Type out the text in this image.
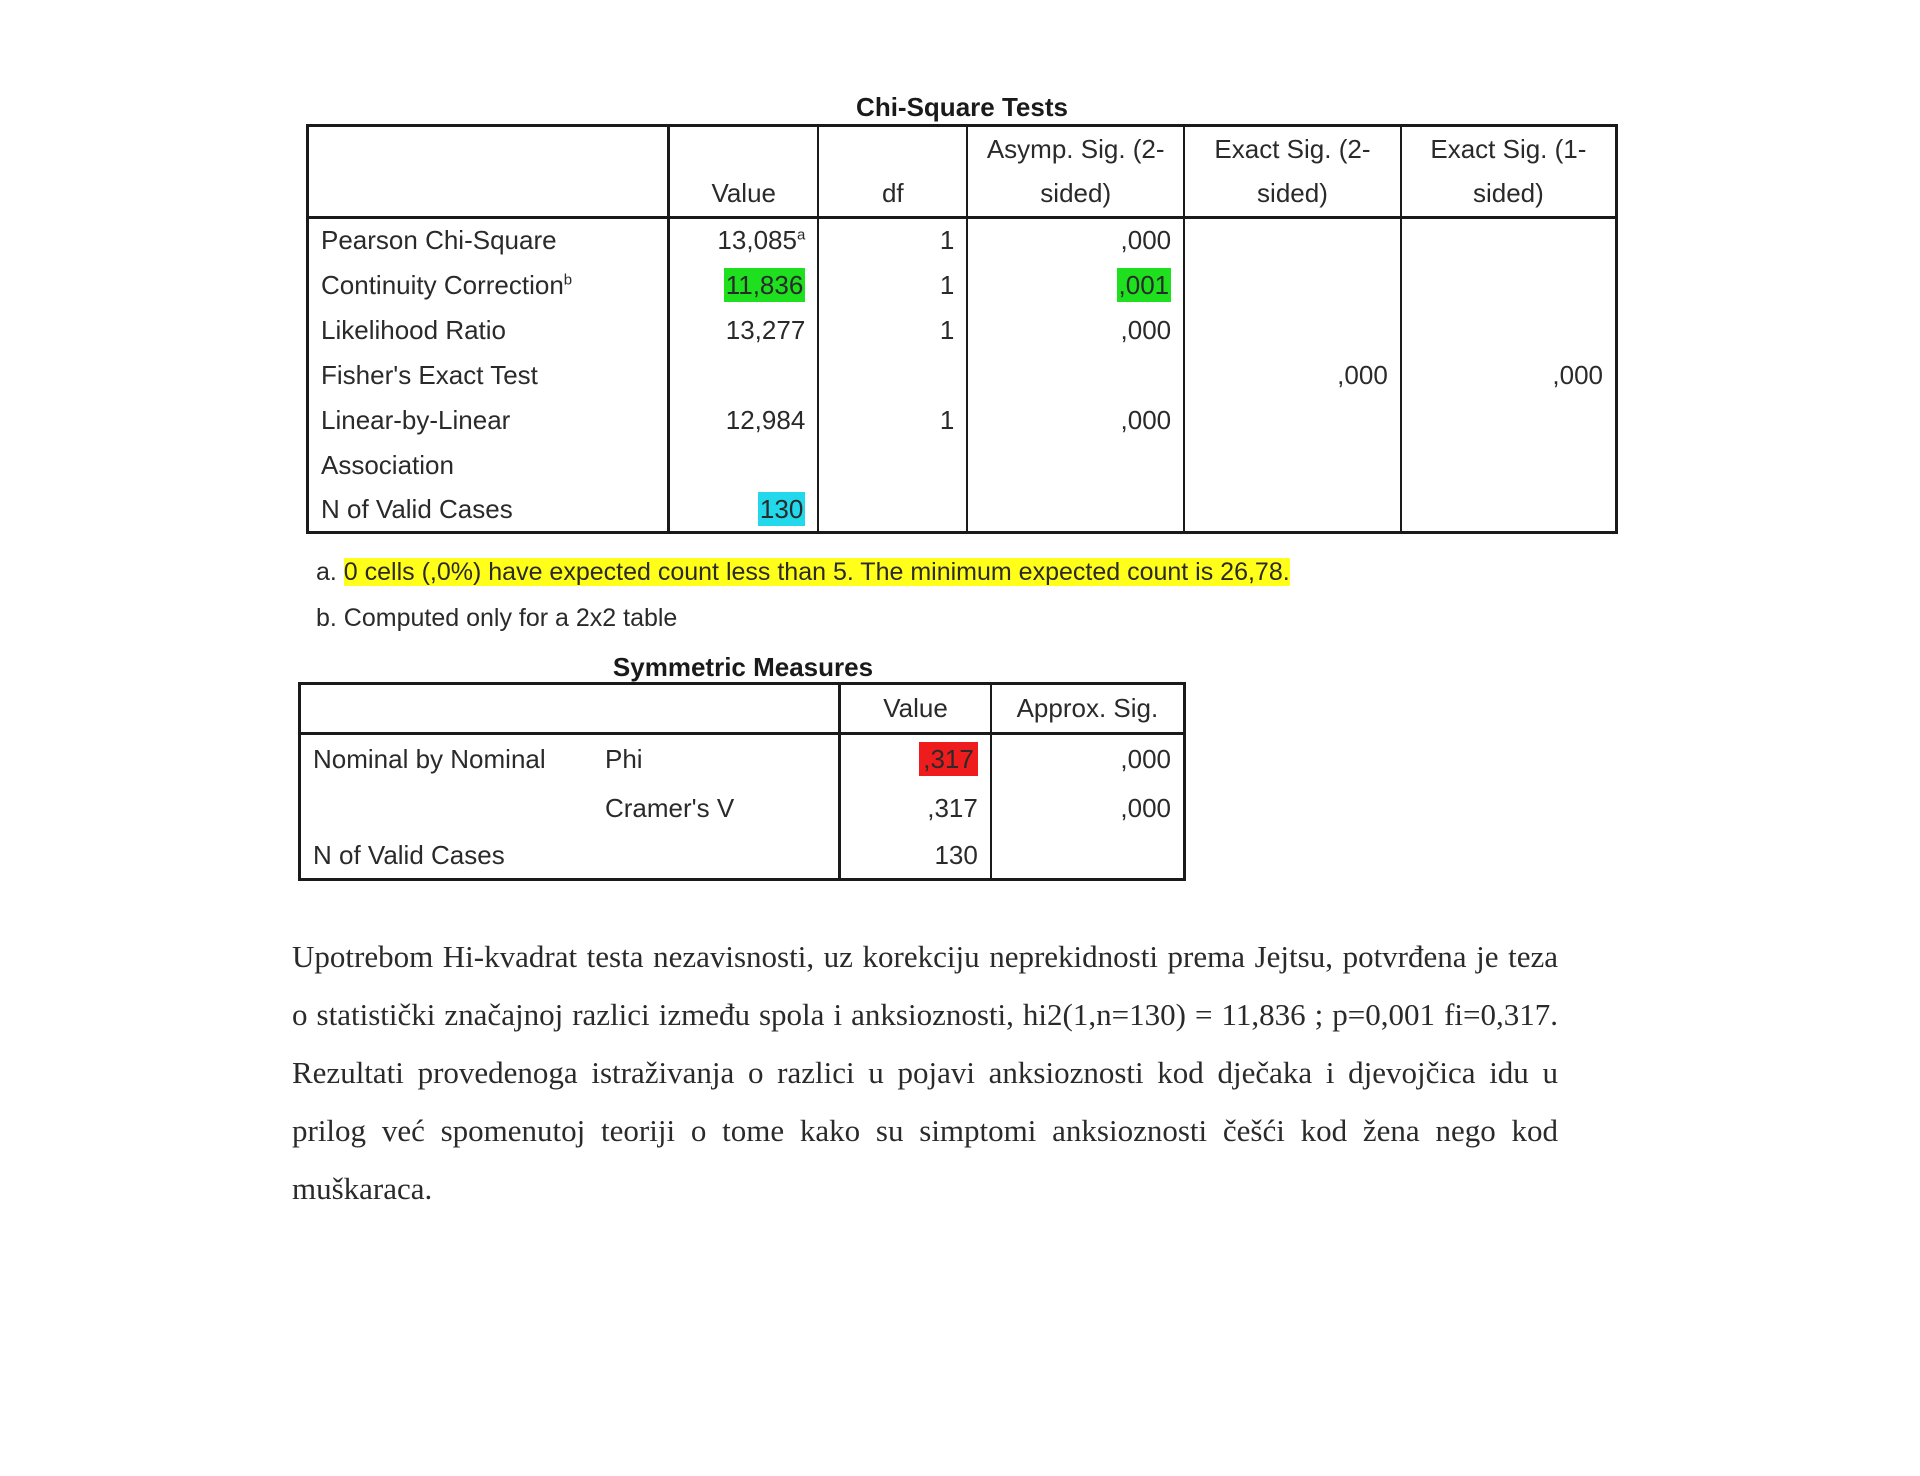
Chi-Square Tests
			Asymp. Sig. (2-	Exact Sig. (2-	Exact Sig. (1-
	Value	df	sided)	sided)	sided)
Pearson Chi-Square	13,085$^a$	1	,000		
Continuity Correction$^b$	11,836	1	,001		
Likelihood Ratio	13,277	1	,000		
Fisher's Exact Test				,000	,000
Linear-by-Linear	12,984	1	,000		
Association					
N of Valid Cases	130				
a. 0 cells (,0%) have expected count less than 5. The minimum expected count is 26,78.
b. Computed only for a 2x2 table
Symmetric Measures
		Value	Approx. Sig.
Nominal by Nominal	Phi	,317	,000
	Cramer's V	,317	,000
N of Valid Cases		130	
Upotrebom Hi-kvadrat testa nezavisnosti, uz korekciju neprekidnosti prema Jejtsu, potvrđena je teza o statistički značajnoj razlici između spola i anksioznosti, hi2(1,n=130) = 11,836 ; p=0,001 fi=0,317. Rezultati provedenoga istraživanja o razlici u pojavi anksioznosti kod dječaka i djevojčica idu u prilog već spomenutoj teoriji o tome kako su simptomi anksioznosti češći kod žena nego kod muškaraca.
